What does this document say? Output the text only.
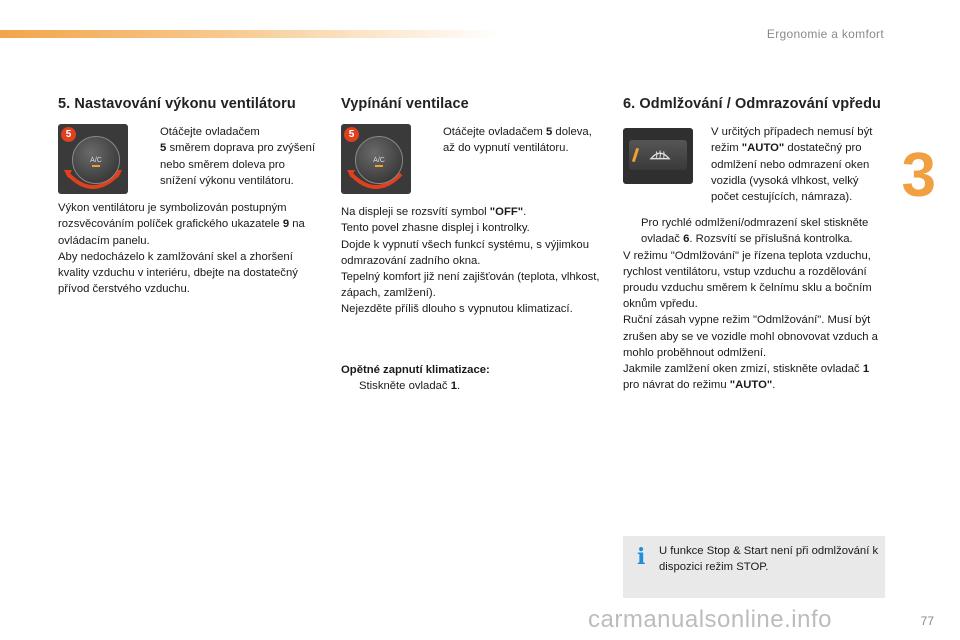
Ergonomie a komfort
3
5. Nastavování výkonu ventilátoru
A/C
5	Otáčejte ovladačem
5 směrem doprava pro zvýšení nebo směrem doleva pro snížení výkonu ventilátoru.

Výkon ventilátoru je symbolizován postupným rozsvěcováním políček grafického ukazatele 9 na ovládacím panelu.

Aby nedocházelo k zamlžování skel a zhoršení kvality vzduchu v interiéru, dbejte na dostatečný přívod čerstvého vzduchu.

Vypínání ventilace
A/C
5	Otáčejte ovladačem 5 doleva, až do vypnutí ventilátoru.

Na displeji se rozsvítí symbol "OFF".

Tento povel zhasne displej i kontrolky.

Dojde k vypnutí všech funkcí systému, s výjimkou odmrazování zadního okna.

Tepelný komfort již není zajišťován (teplota, vlhkost, zápach, zamlžení).

Nejezděte příliš dlouho s vypnutou klimatizací.

Opětné zapnutí klimatizace:

Stiskněte ovladač 1.

6. Odmlžování / Odmrazování vpředu

V určitých případech nemusí být režim "AUTO" dostatečný pro odmlžení nebo odmrazení oken vozidla (vysoká vlhkost, velký počet cestujících, námraza).

Pro rychlé odmlžení/odmrazení skel stiskněte ovladač 6. Rozsvítí se příslušná kontrolka.

V režimu "Odmlžování" je řízena teplota vzduchu, rychlost ventilátoru, vstup vzduchu a rozdělování proudu vzduchu směrem k čelnímu sklu a bočním oknům vpředu.

Ruční zásah vypne režim "Odmlžování". Musí být zrušen aby se ve vozidle mohl obnovovat vzduch a mohlo proběhnout odmlžení.

Jakmile zamlžení oken zmizí, stiskněte ovladač 1 pro návrat do režimu "AUTO".

i U funkce Stop & Start není při odmlžování k dispozici režim STOP.
carmanualsonline.info	77
